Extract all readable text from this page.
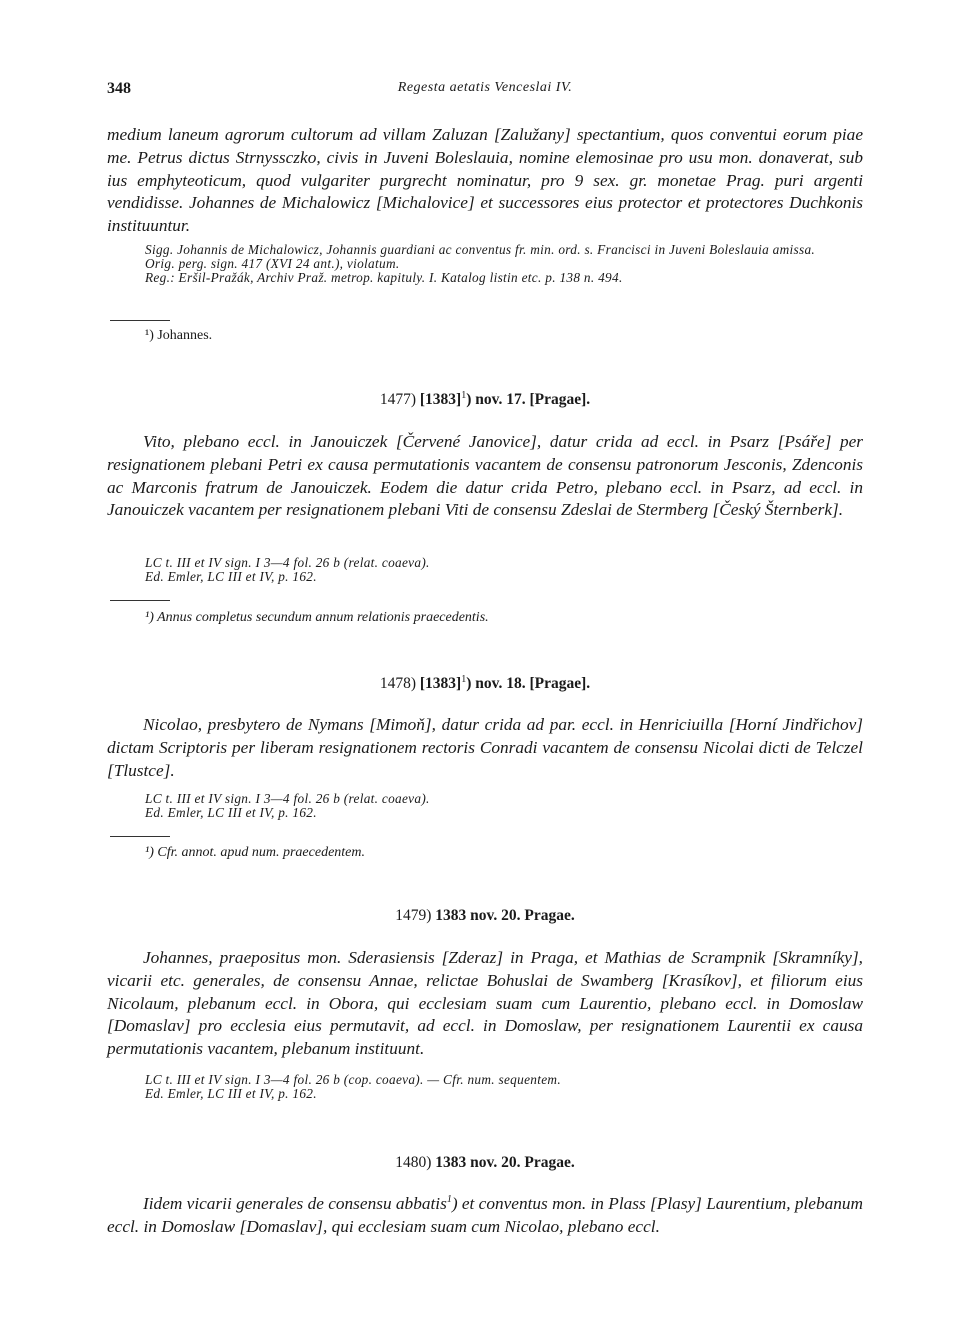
348	Regesta aetatis Venceslai IV.

medium laneum agrorum cultorum ad villam Zaluzan [Zalužany] spectantium, quos conventui eorum piae me. Petrus dictus Strnyssczko, civis in Juveni Boleslauia, nomine elemosinae pro usu mon. donaverat, sub ius emphyteoticum, quod vulgariter purgrecht nominatur, pro 9 sex. gr. monetae Prag. puri argenti vendidisse. Johannes de Michalowicz [Michalovice] et successores eius protector et protectores Duchkonis instituuntur.

Sigg. Johannis de Michalowicz, Johannis guardiani ac conventus fr. min. ord. s. Francisci in Juveni Boleslauia amissa.

Orig. perg. sign. 417 (XVI 24 ant.), violatum.

Reg.: Eršil-Pražák, Archiv Praž. metrop. kapituly. I. Katalog listin etc. p. 138 n. 494.

¹) Johannes.

1477) $[1383]^1$) nov. 17. [Pragae].

Vito, plebano eccl. in Janouiczek [Červené Janovice], datur crida ad eccl. in Psarz [Psáře] per resignationem plebani Petri ex causa permutationis vacantem de consensu patronorum Jesconis, Zdenconis ac Marconis fratrum de Janouiczek. Eodem die datur crida Petro, plebano eccl. in Psarz, ad eccl. in Janouiczek vacantem per resignationem plebani Viti de consensu Zdeslai de Stermberg [Český Šternberk].

LC t. III et IV sign. I 3—4 fol. 26 b (relat. coaeva).

Ed. Emler, LC III et IV, p. 162.

¹) Annus completus secundum annum relationis praecedentis.

1478) $[1383]^1$) nov. 18. [Pragae].

Nicolao, presbytero de Nymans [Mimoň], datur crida ad par. eccl. in Henriciuilla [Horní Jindřichov] dictam Scriptoris per liberam resignationem rectoris Conradi vacantem de consensu Nicolai dicti de Telczel [Tlustce].

LC t. III et IV sign. I 3—4 fol. 26 b (relat. coaeva).

Ed. Emler, LC III et IV, p. 162.

¹) Cfr. annot. apud num. praecedentem.

1479) 1383 nov. 20. Pragae.

Johannes, praepositus mon. Sderasiensis [Zderaz] in Praga, et Mathias de Scrampnik [Skramníky], vicarii etc. generales, de consensu Annae, relictae Bohuslai de Swamberg [Krasíkov], et filiorum eius Nicolaum, plebanum eccl. in Obora, qui ecclesiam suam cum Laurentio, plebano eccl. in Domoslaw [Domaslav] pro ecclesia eius permutavit, ad eccl. in Domoslaw, per resignationem Laurentii ex causa permutationis vacantem, plebanum instituunt.

LC t. III et IV sign. I 3—4 fol. 26 b (cop. coaeva). — Cfr. num. sequentem.

Ed. Emler, LC III et IV, p. 162.

1480) 1383 nov. 20. Pragae.

Iidem vicarii generales de consensu abbatis$^1$) et conventus mon. in Plass [Plasy] Laurentium, plebanum eccl. in Domoslaw [Domaslav], qui ecclesiam suam cum Nicolao, plebano eccl.
